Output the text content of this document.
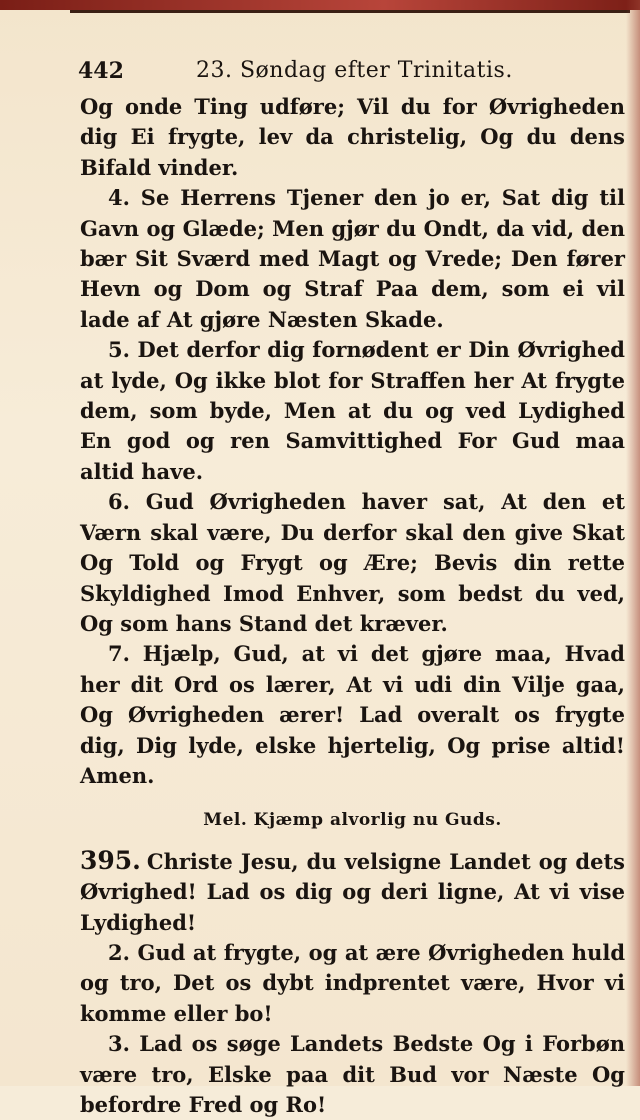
442	23. Søndag efter Trinitatis.

Og onde Ting udføre; Vil du for Øvrigheden dig Ei frygte, lev da christelig, Og du dens Bifald vinder.

4. Se Herrens Tjener den jo er, Sat dig til Gavn og Glæde; Men gjør du Ondt, da vid, den bær Sit Sværd med Magt og Vrede; Den fører Hevn og Dom og Straf Paa dem, som ei vil lade af At gjøre Næsten Skade.

5. Det derfor dig fornødent er Din Øvrighed at lyde, Og ikke blot for Straffen her At frygte dem, som byde, Men at du og ved Lydighed En god og ren Samvittighed For Gud maa altid have.

6. Gud Øvrigheden haver sat, At den et Værn skal være, Du derfor skal den give Skat Og Told og Frygt og Ære; Bevis din rette Skyldighed Imod Enhver, som bedst du ved, Og som hans Stand det kræver.

7. Hjælp, Gud, at vi det gjøre maa, Hvad her dit Ord os lærer, At vi udi din Vilje gaa, Og Øvrigheden ærer! Lad overalt os frygte dig, Dig lyde, elske hjertelig, Og prise altid! Amen.

Mel. Kjæmp alvorlig nu Guds.

395. Christe Jesu, du velsigne Landet og dets Øvrighed! Lad os dig og deri ligne, At vi vise Lydighed!

2. Gud at frygte, og at ære Øvrigheden huld og tro, Det os dybt indprentet være, Hvor vi komme eller bo!

3. Lad os søge Landets Bedste Og i Forbøn være tro, Elske paa dit Bud vor Næste Og befordre Fred og Ro!
